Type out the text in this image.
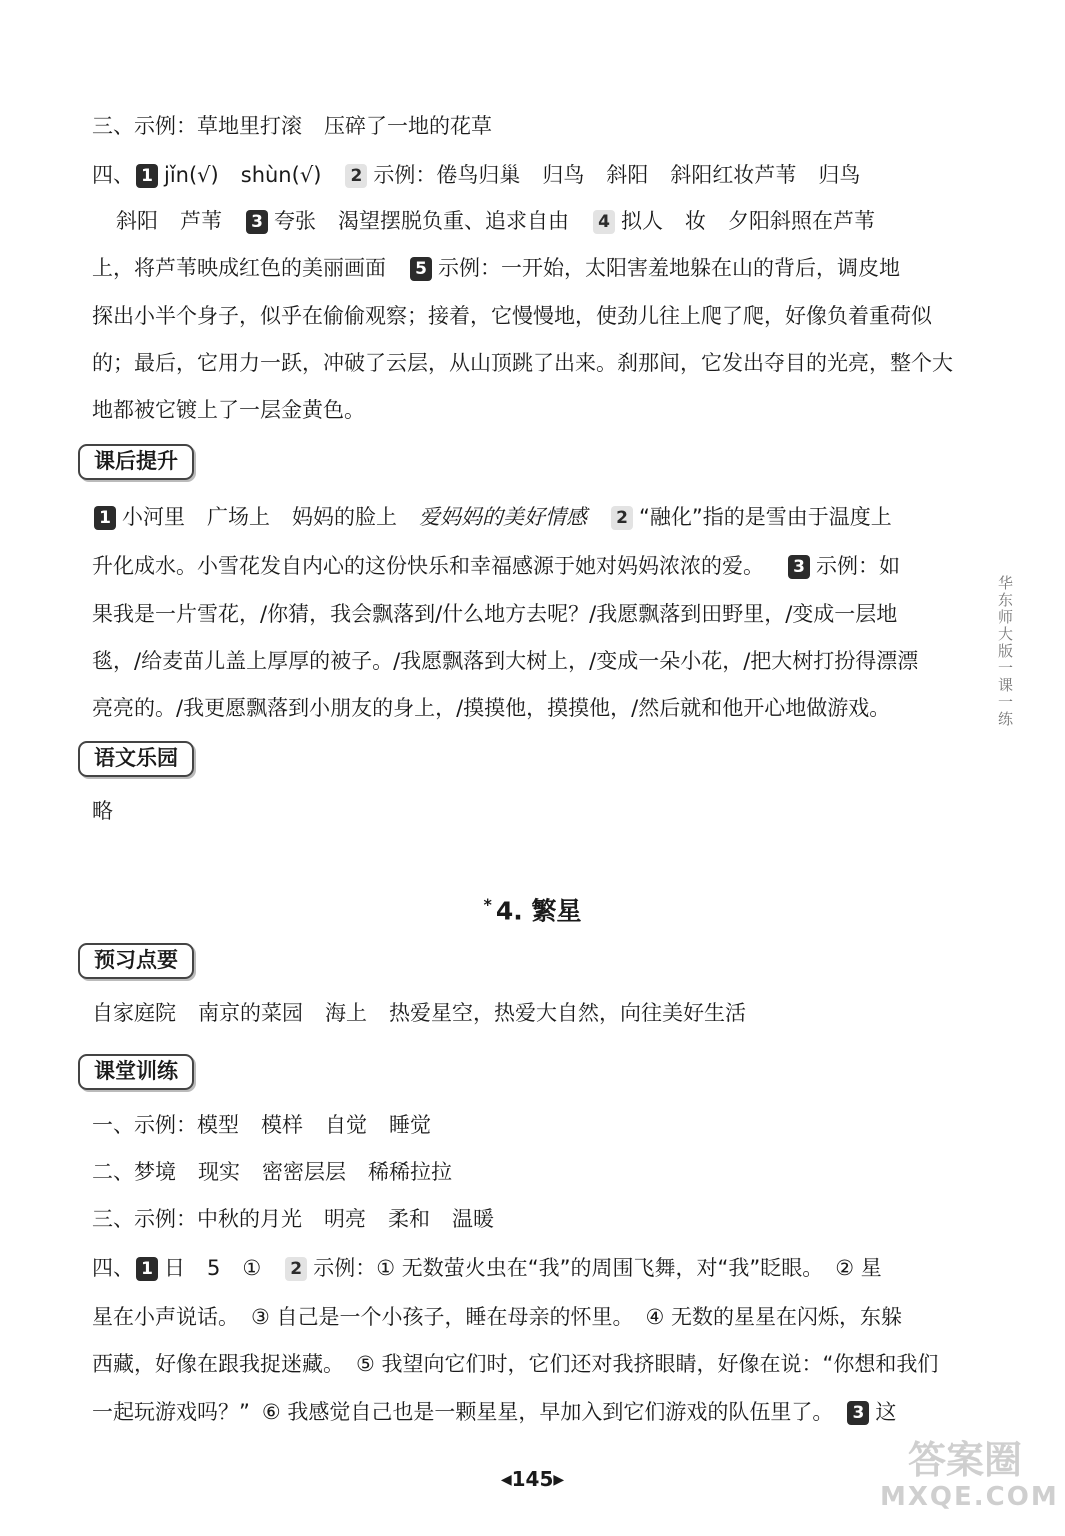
三、示例：草地里打滚 压碎了一地的花草
四、 1 jǐn(√) shùn(√) 2 示例：倦鸟归巢 归鸟 斜阳 斜阳红妆芦苇 归鸟
斜阳 芦苇 3 夸张 渴望摆脱负重、追求自由 4 拟人 妆 夕阳斜照在芦苇
上，将芦苇映成红色的美丽画面 5 示例：一开始，太阳害羞地躲在山的背后，调皮地
探出小半个身子，似乎在偷偷观察；接着，它慢慢地，使劲儿往上爬了爬，好像负着重荷似
的；最后，它用力一跃，冲破了云层，从山顶跳了出来。刹那间，它发出夺目的光亮，整个大
地都被它镀上了一层金黄色。
课后提升
1 小河里 广场上 妈妈的脸上 爱妈妈的美好情感 2 “融化”指的是雪由于温度上
升化成水。小雪花发自内心的这份快乐和幸福感源于她对妈妈浓浓的爱。 3 示例：如
果我是一片雪花，/你猜，我会飘落到/什么地方去呢？/我愿飘落到田野里，/变成一层地
毯，/给麦苗儿盖上厚厚的被子。/我愿飘落到大树上，/变成一朵小花，/把大树打扮得漂漂
亮亮的。/我更愿飘落到小朋友的身上，/摸摸他，摸摸他，/然后就和他开心地做游戏。
语文乐园
略
* 4. 繁星
预习点要
自家庭院 南京的菜园 海上 热爱星空，热爱大自然，向往美好生活
课堂训练
一、示例：模型 模样 自觉 睡觉
二、梦境 现实 密密层层 稀稀拉拉
三、示例：中秋的月光 明亮 柔和 温暖
四、 1 日 5 ① 2 示例：① 无数萤火虫在“我”的周围飞舞，对“我”眨眼。 ② 星
星在小声说话。 ③ 自己是一个小孩子，睡在母亲的怀里。 ④ 无数的星星在闪烁，东躲
西藏，好像在跟我捉迷藏。 ⑤ 我望向它们时，它们还对我挤眼睛，好像在说：“你想和我们
一起玩游戏吗？” ⑥ 我感觉自己也是一颗星星，早加入到它们游戏的队伍里了。 3 这
华东师大版一课一练
◀145▶	答案圈
MXQE.COM
